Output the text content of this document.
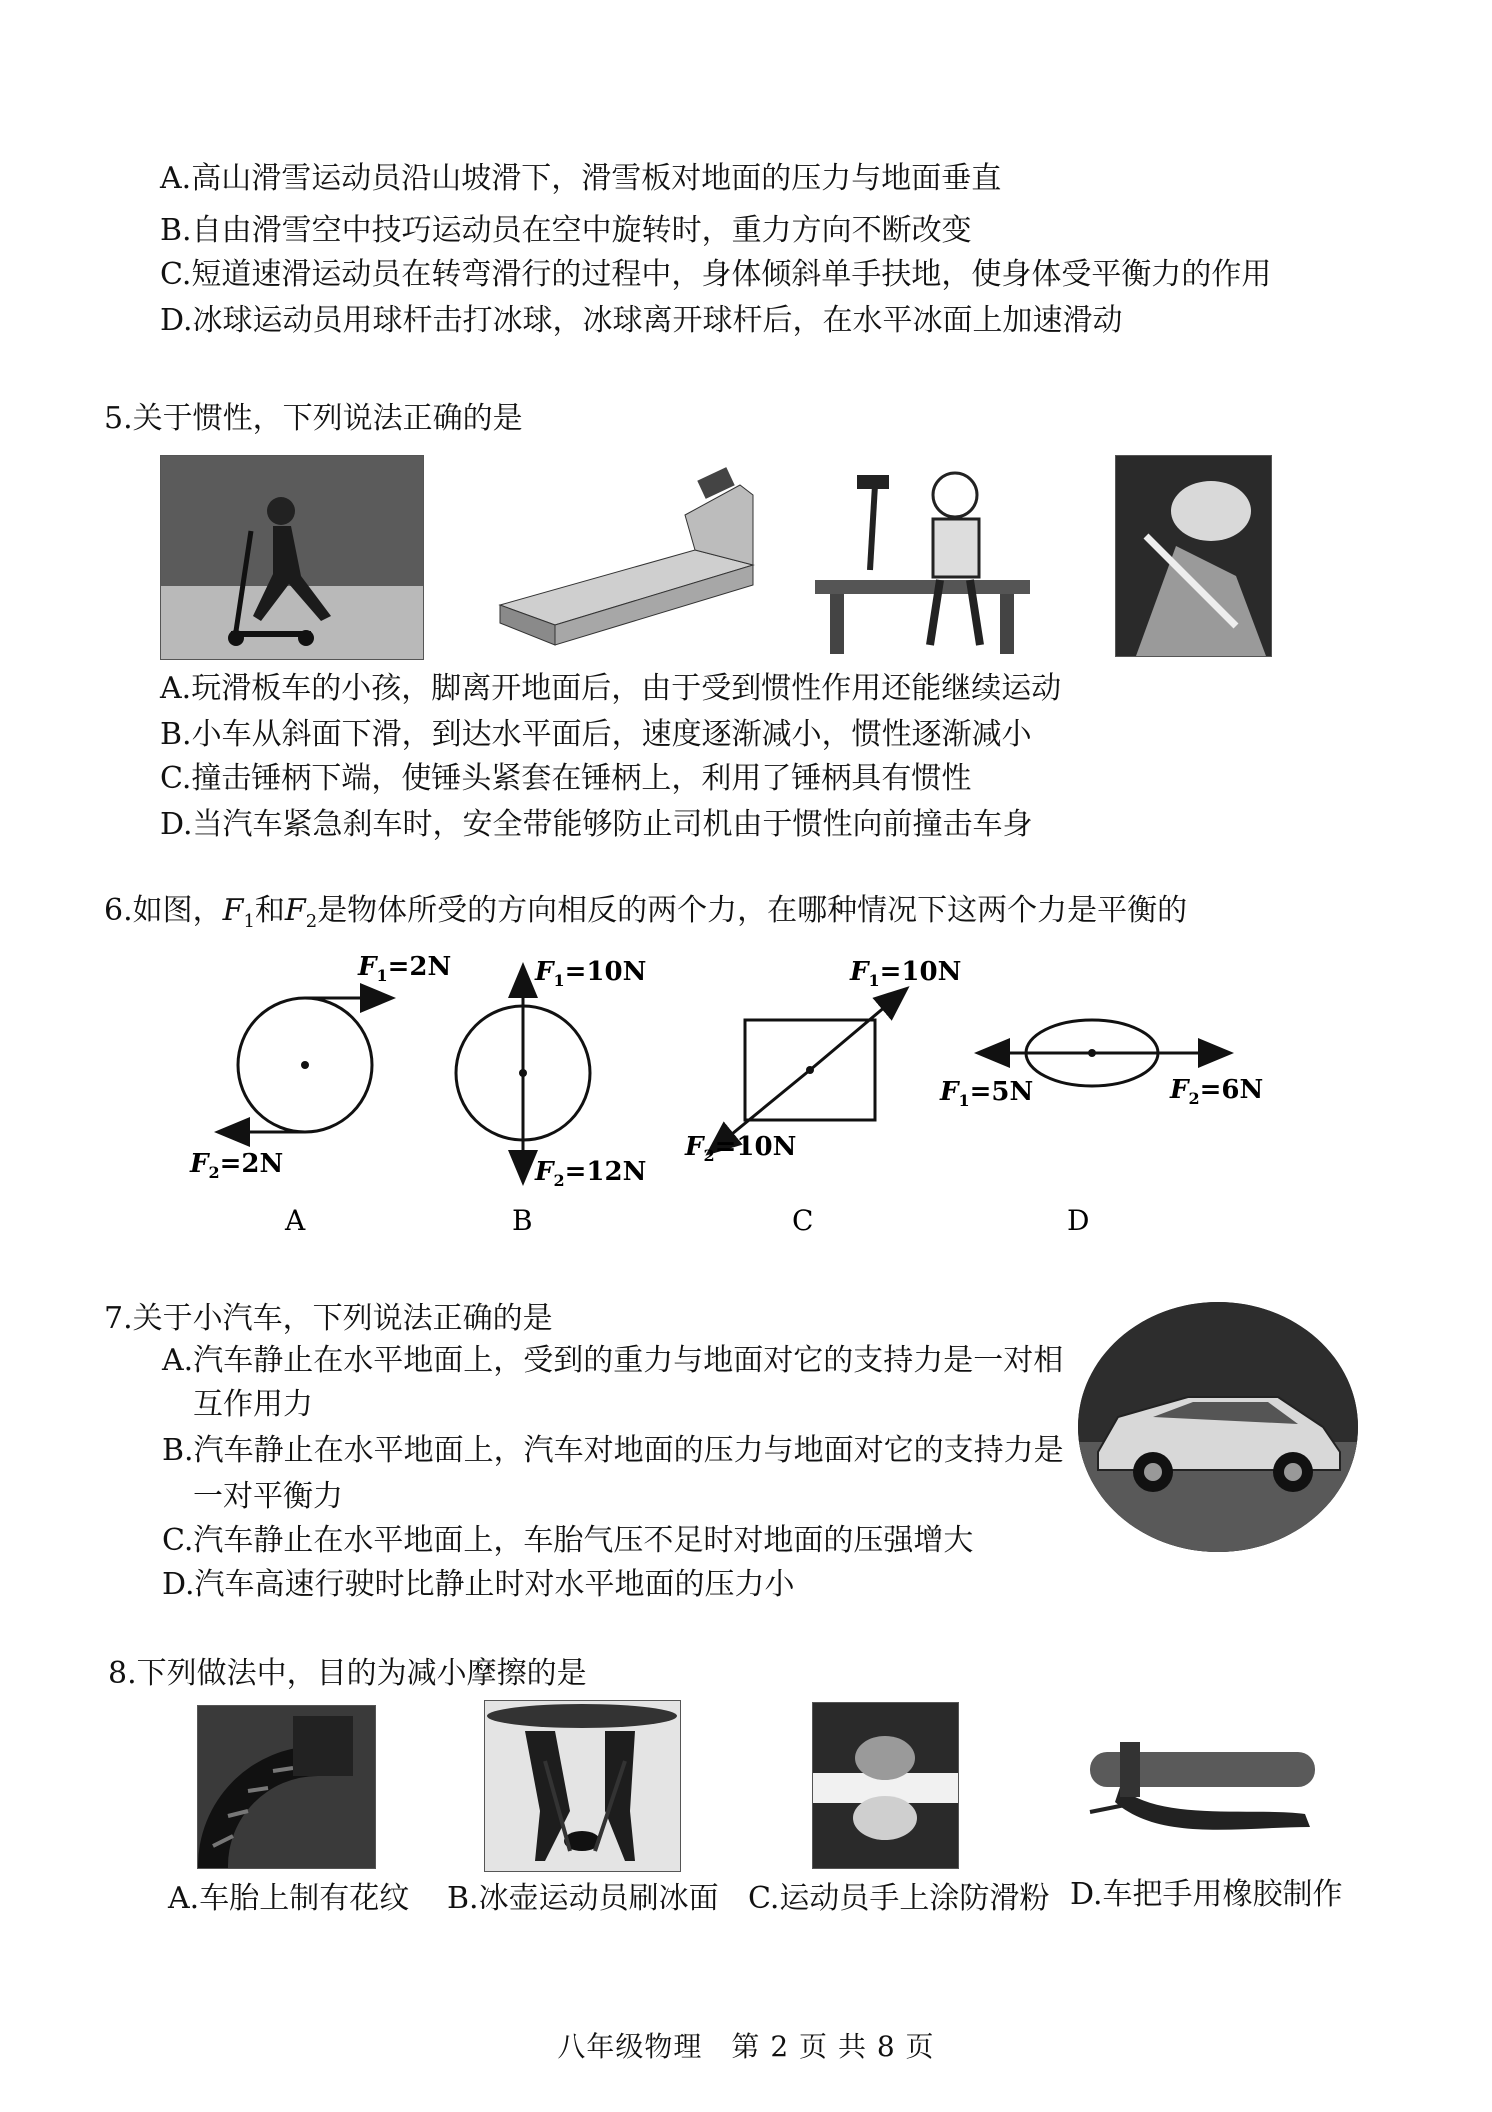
A.高山滑雪运动员沿山坡滑下，滑雪板对地面的压力与地面垂直
B.自由滑雪空中技巧运动员在空中旋转时，重力方向不断改变
C.短道速滑运动员在转弯滑行的过程中，身体倾斜单手扶地，使身体受平衡力的作用
D.冰球运动员用球杆击打冰球，冰球离开球杆后，在水平冰面上加速滑动
5.关于惯性，下列说法正确的是
A.玩滑板车的小孩，脚离开地面后，由于受到惯性作用还能继续运动
B.小车从斜面下滑，到达水平面后，速度逐渐减小，惯性逐渐减小
C.撞击锤柄下端，使锤头紧套在锤柄上，利用了锤柄具有惯性
D.当汽车紧急刹车时，安全带能够防止司机由于惯性向前撞击车身
6.如图，$F_1$和$F_2$是物体所受的方向相反的两个力，在哪种情况下这两个力是平衡的
$F_1=2N$
$F_2=2N$
$F_1=10N$
$F_2=12N$
$F_1=10N$
$F_2=10N$
$F_1=5N$	$F_2=6N$
A	B	C	D
7.关于小汽车，下列说法正确的是
A.汽车静止在水平地面上，受到的重力与地面对它的支持力是一对相
互作用力
B.汽车静止在水平地面上，汽车对地面的压力与地面对它的支持力是
一对平衡力
C.汽车静止在水平地面上，车胎气压不足时对地面的压强增大
D.汽车高速行驶时比静止时对水平地面的压力小
8.下列做法中，目的为减小摩擦的是
A.车胎上制有花纹 B.冰壶运动员刷冰面 C.运动员手上涂防滑粉 D.车把手用橡胶制作
八年级物理　第 2 页 共 8 页
